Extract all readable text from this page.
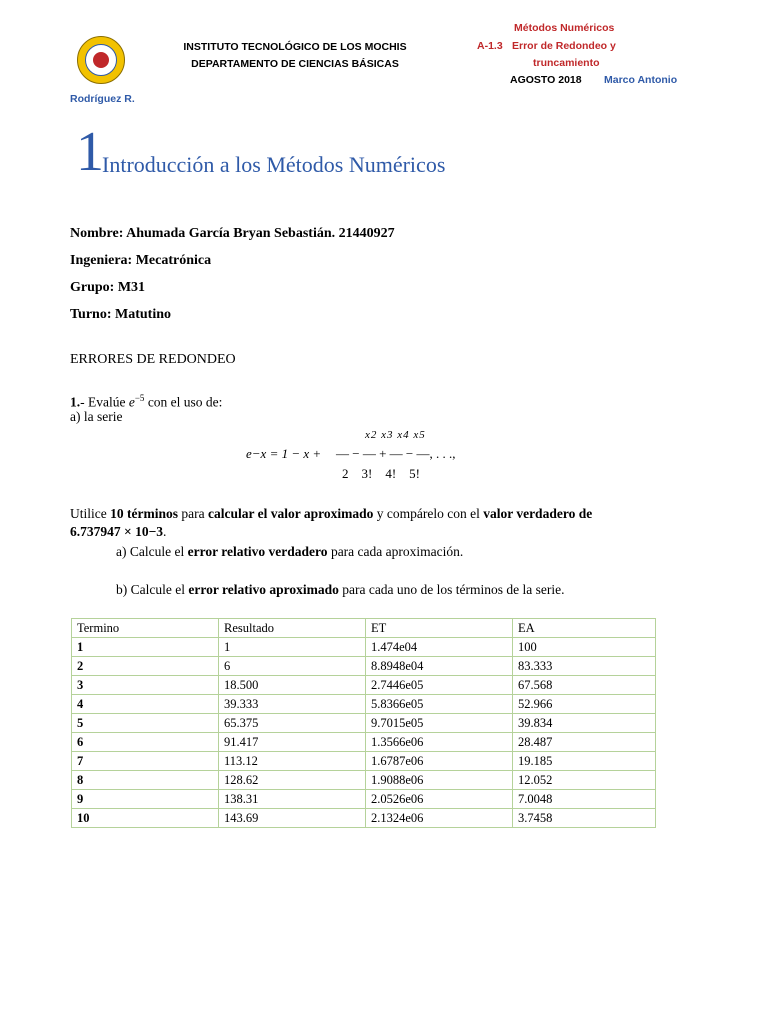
INSTITUTO TECNOLÓGICO DE LOS MOCHIS
DEPARTAMENTO DE CIENCIAS BÁSICAS
Métodos Numéricos
A-1.3 Error de Redondeo y
truncamiento
AGOSTO 2018 Marco Antonio
Rodríguez R.
1
Introducción a los Métodos Numéricos
Nombre: Ahumada García Bryan Sebastián. 21440927
Ingeniera: Mecatrónica
Grupo: M31
Turno: Matutino
ERRORES DE REDONDEO
1.- Evalúe $e^{-5}$ con el uso de:
a) la serie
x2 x3 x4 x5
e−x = 1 − x + — − — + — − —, . . .,
2    3!    4!    5!
Utilice 10 términos para calcular el valor aproximado y compárelo con el valor verdadero de
6.737947 × 10−3.
a) Calcule el error relativo verdadero para cada aproximación.
b) Calcule el error relativo aproximado para cada uno de los términos de la serie.
Termino	Resultado	ET	EA
1	1	1.474e04	100
2	6	8.8948e04	83.333
3	18.500	2.7446e05	67.568
4	39.333	5.8366e05	52.966
5	65.375	9.7015e05	39.834
6	91.417	1.3566e06	28.487
7	113.12	1.6787e06	19.185
8	128.62	1.9088e06	12.052
9	138.31	2.0526e06	7.0048
10	143.69	2.1324e06	3.7458
